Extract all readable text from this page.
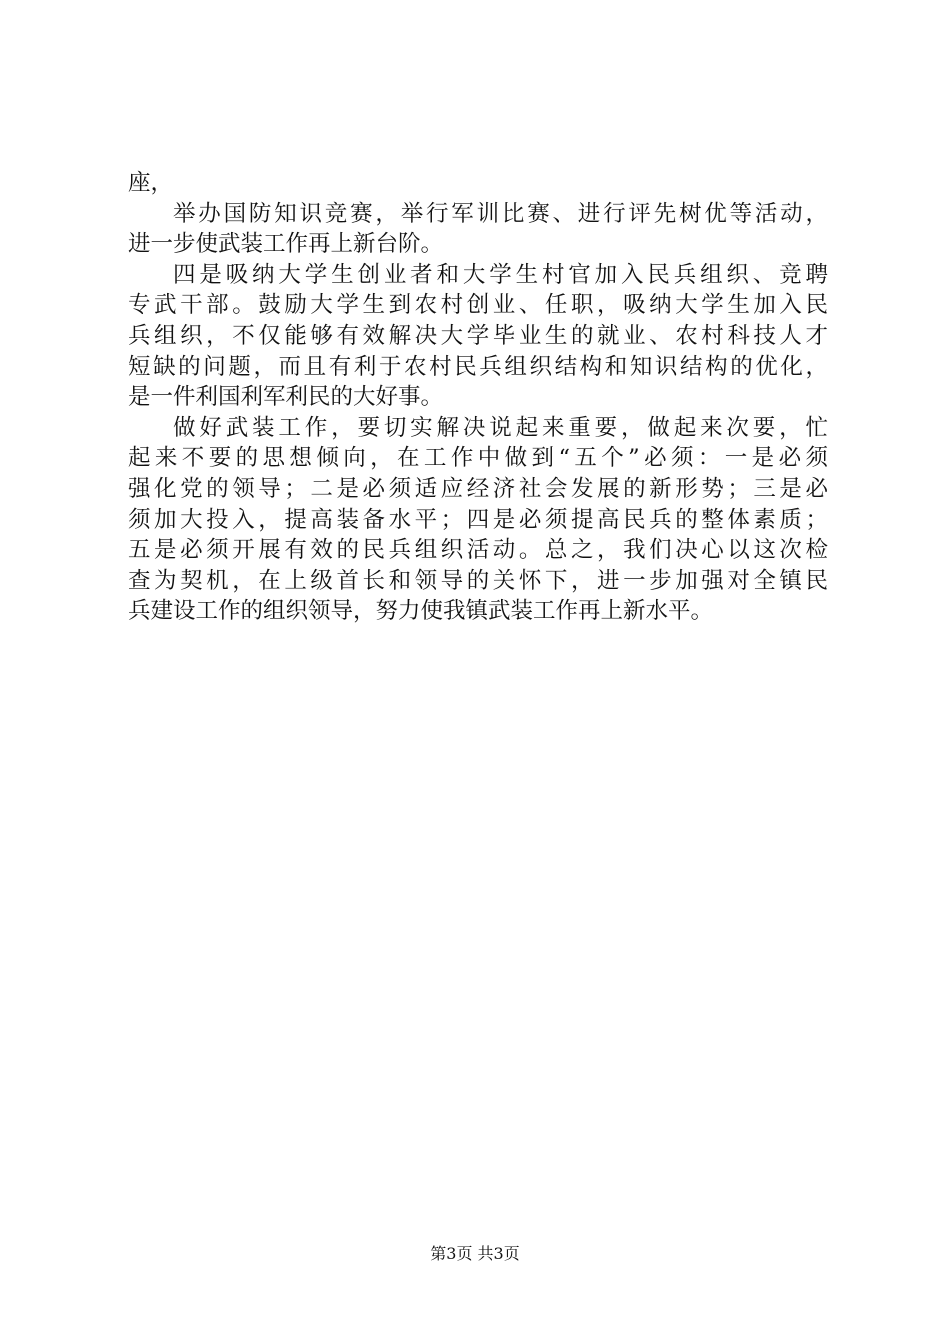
座，
举办国防知识竞赛，举行军训比赛、进行评先树优等活动，
进一步使武装工作再上新台阶。
四是吸纳大学生创业者和大学生村官加入民兵组织、竞聘
专武干部。鼓励大学生到农村创业、任职，吸纳大学生加入民
兵组织，不仅能够有效解决大学毕业生的就业、农村科技人才
短缺的问题，而且有利于农村民兵组织结构和知识结构的优化，
是一件利国利军利民的大好事。
做好武装工作，要切实解决说起来重要，做起来次要，忙
起来不要的思想倾向，在工作中做到“五个”必须：一是必须
强化党的领导；二是必须适应经济社会发展的新形势；三是必
须加大投入，提高装备水平；四是必须提高民兵的整体素质；
五是必须开展有效的民兵组织活动。总之，我们决心以这次检
查为契机，在上级首长和领导的关怀下，进一步加强对全镇民
兵建设工作的组织领导，努力使我镇武装工作再上新水平。
第3页 共3页
